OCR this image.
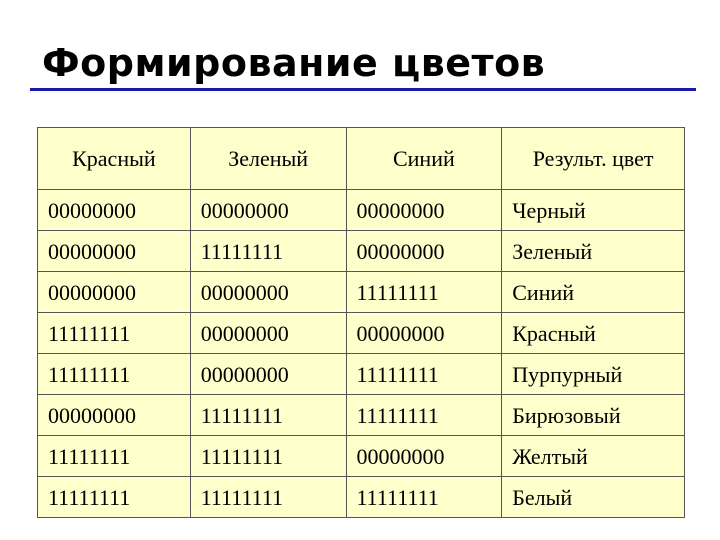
Формирование цветов
Красный	Зеленый	Синий	Результ. цвет
00000000	00000000	00000000	Черный
00000000	11111111	00000000	Зеленый
00000000	00000000	11111111	Синий
11111111	00000000	00000000	Красный
11111111	00000000	11111111	Пурпурный
00000000	11111111	11111111	Бирюзовый
11111111	11111111	00000000	Желтый
11111111	11111111	11111111	Белый
